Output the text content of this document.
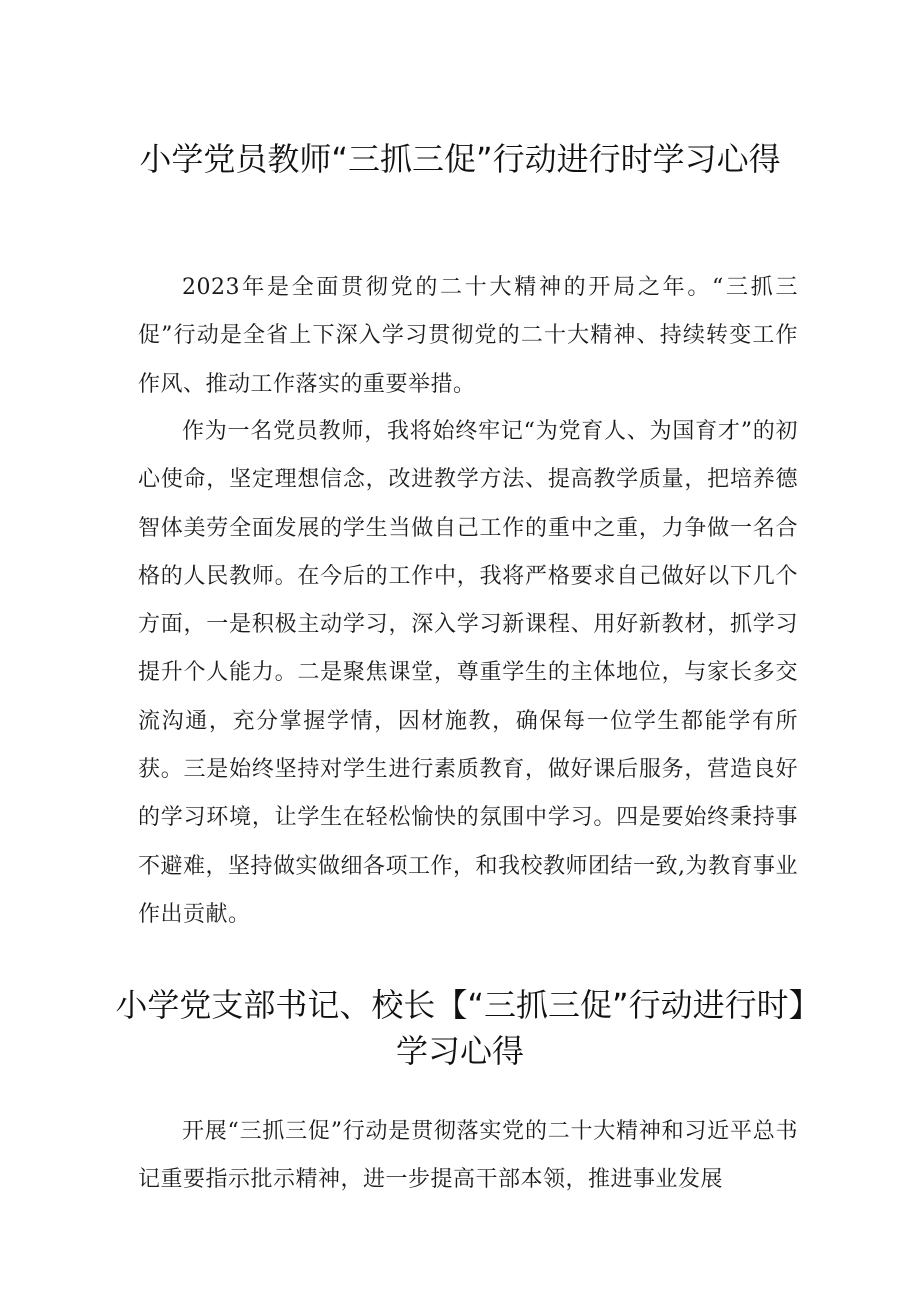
小学党员教师“三抓三促”行动进行时学习心得

2023年是全面贯彻党的二十大精神的开局之年。“三抓三促”行动是全省上下深入学习贯彻党的二十大精神、持续转变工作作风、推动工作落实的重要举措。

作为一名党员教师，我将始终牢记“为党育人、为国育才”的初心使命，坚定理想信念，改进教学方法、提高教学质量，把培养德智体美劳全面发展的学生当做自己工作的重中之重，力争做一名合格的人民教师。在今后的工作中，我将严格要求自己做好以下几个方面，一是积极主动学习，深入学习新课程、用好新教材，抓学习提升个人能力。二是聚焦课堂，尊重学生的主体地位，与家长多交流沟通，充分掌握学情，因材施教，确保每一位学生都能学有所获。三是始终坚持对学生进行素质教育，做好课后服务，营造良好的学习环境，让学生在轻松愉快的氛围中学习。四是要始终秉持事不避难，坚持做实做细各项工作，和我校教师团结一致,为教育事业作出贡献。

小学党支部书记、校长【“三抓三促”行动进行时】学习心得

开展“三抓三促”行动是贯彻落实党的二十大精神和习近平总书记重要指示批示精神，进一步提高干部本领，推进事业发展
